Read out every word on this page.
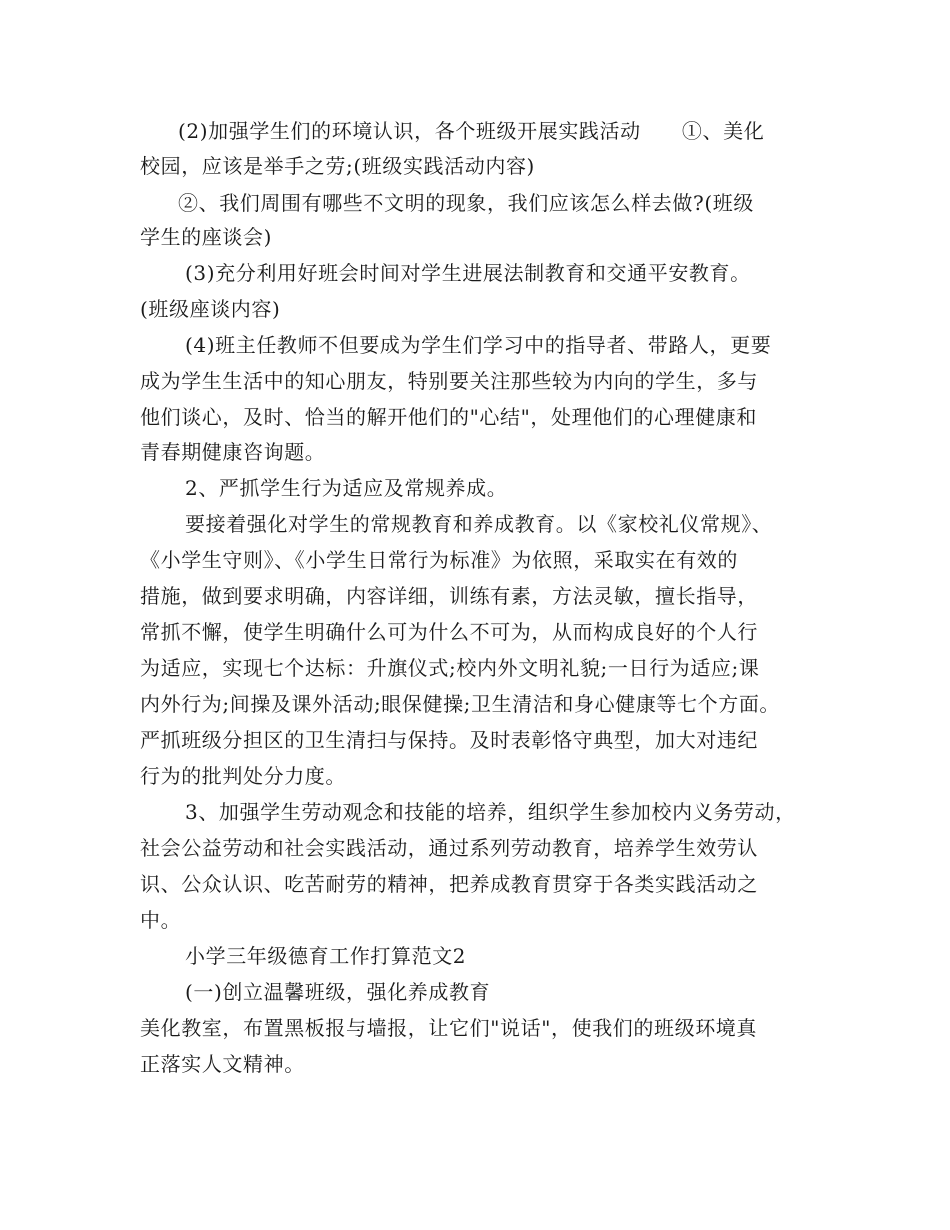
(2)加强学生们的环境认识，各个班级开展实践活动　　①、美化
校园，应该是举手之劳;(班级实践活动内容)
②、我们周围有哪些不文明的现象，我们应该怎么样去做?(班级
学生的座谈会)
(3)充分利用好班会时间对学生进展法制教育和交通平安教育。
(班级座谈内容)
(4)班主任教师不但要成为学生们学习中的指导者、带路人，更要
成为学生生活中的知心朋友，特别要关注那些较为内向的学生，多与
他们谈心，及时、恰当的解开他们的"心结"，处理他们的心理健康和
青春期健康咨询题。
2、严抓学生行为适应及常规养成。
要接着强化对学生的常规教育和养成教育。以《家校礼仪常规》、
《小学生守则》、《小学生日常行为标准》为依照，采取实在有效的
措施，做到要求明确，内容详细，训练有素，方法灵敏，擅长指导，
常抓不懈，使学生明确什么可为什么不可为，从而构成良好的个人行
为适应，实现七个达标：升旗仪式;校内外文明礼貌;一日行为适应;课
内外行为;间操及课外活动;眼保健操;卫生清洁和身心健康等七个方面。
严抓班级分担区的卫生清扫与保持。及时表彰恪守典型，加大对违纪
行为的批判处分力度。
3、加强学生劳动观念和技能的培养，组织学生参加校内义务劳动，
社会公益劳动和社会实践活动，通过系列劳动教育，培养学生效劳认
识、公众认识、吃苦耐劳的精神，把养成教育贯穿于各类实践活动之
中。
小学三年级德育工作打算范文2
(一)创立温馨班级，强化养成教育
美化教室，布置黑板报与墙报，让它们"说话"，使我们的班级环境真
正落实人文精神。
